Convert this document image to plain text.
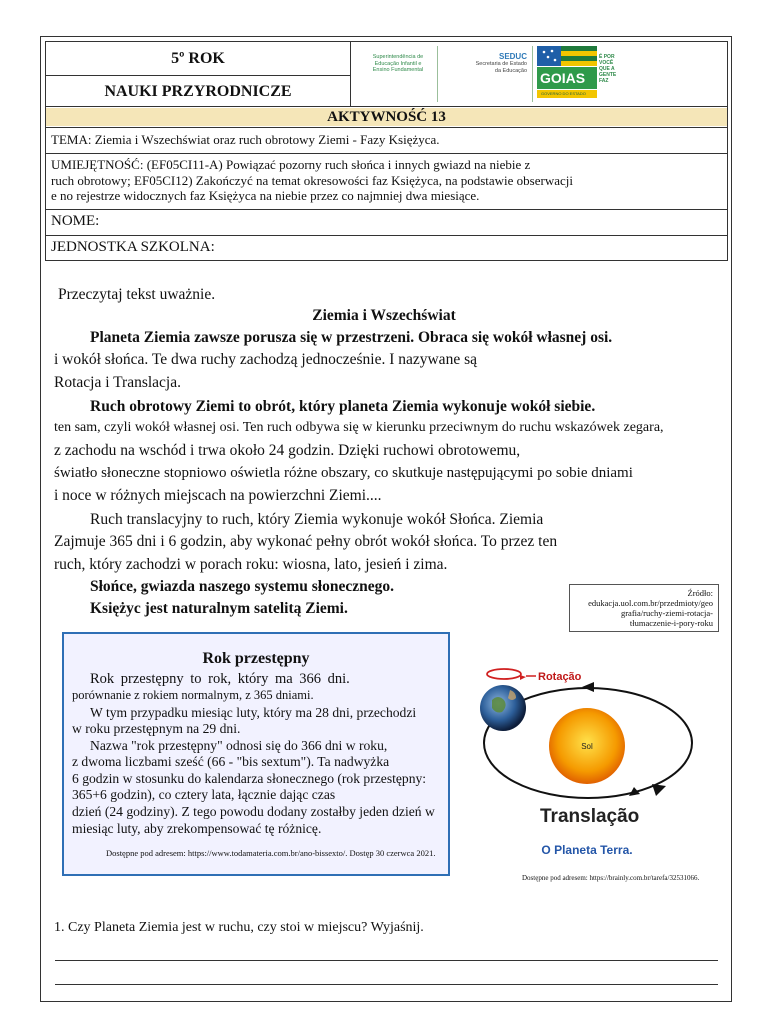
5º ROK
NAUKI PRZYRODNICZE
Superintendência de
Educação Infantil e
Ensino Fundamental
SEDUC
Secretaria de Estado
da Educação GOIAS
GOVERNO DO ESTADO
É POR
VOCÊ
QUE A
GENTE
FAZ
AKTYWNOŚĆ 13
TEMA: Ziemia i Wszechświat oraz ruch obrotowy Ziemi - Fazy Księżyca.
UMIEJĘTNOŚĆ: (EF05CI11-A) Powiązać pozorny ruch słońca i innych gwiazd na niebie z
ruch obrotowy; EF05CI12) Zakończyć na temat okresowości faz Księżyca, na podstawie obserwacji
e no rejestrze widocznych faz Księżyca na niebie przez co najmniej dwa miesiące.
NOME:
JEDNOSTKA SZKOLNA:
Przeczytaj tekst uważnie.
Ziemia i Wszechświat
Planeta Ziemia zawsze porusza się w przestrzeni. Obraca się wokół własnej osi.
i wokół słońca. Te dwa ruchy zachodzą jednocześnie. I nazywane są
Rotacja i Translacja.
Ruch obrotowy Ziemi to obrót, który planeta Ziemia wykonuje wokół siebie.
ten sam, czyli wokół własnej osi. Ten ruch odbywa się w kierunku przeciwnym do ruchu wskazówek zegara,
z zachodu na wschód i trwa około 24 godzin. Dzięki ruchowi obrotowemu,
światło słoneczne stopniowo oświetla różne obszary, co skutkuje następującymi po sobie dniami
i noce w różnych miejscach na powierzchni Ziemi....
Ruch translacyjny to ruch, który Ziemia wykonuje wokół Słońca. Ziemia
Zajmuje 365 dni i 6 godzin, aby wykonać pełny obrót wokół słońca. To przez ten
ruch, który zachodzi w porach roku: wiosna, lato, jesień i zima.
Słońce, gwiazda naszego systemu słonecznego.
Księżyc jest naturalnym satelitą Ziemi.
Źródło:
edukacja.uol.com.br/przedmioty/geo
grafia/ruchy-ziemi-rotacja-
tłumaczenie-i-pory-roku
Rok przestępny
Rok przestępny to rok, który ma 366 dni.
porównanie z rokiem normalnym, z 365 dniami.
W tym przypadku miesiąc luty, który ma 28 dni, przechodzi
w roku przestępnym na 29 dni.
Nazwa "rok przestępny" odnosi się do 366 dni w roku,
z dwoma liczbami sześć (66 - "bis sextum"). Ta nadwyżka
6 godzin w stosunku do kalendarza słonecznego (rok przestępny:
365+6 godzin), co cztery lata, łącznie dając czas
dzień (24 godziny). Z tego powodu dodany zostałby jeden dzień w
miesiąc luty, aby zrekompensować tę różnicę.
Dostępne pod adresem: https://www.todamateria.com.br/ano-bissexto/. Dostęp 30 czerwca 2021.
Sol
Rotação
Translação
O Planeta Terra.
Dostępne pod adresem: https://brainly.com.br/tarefa/32531066.
1. Czy Planeta Ziemia jest w ruchu, czy stoi w miejscu? Wyjaśnij.
